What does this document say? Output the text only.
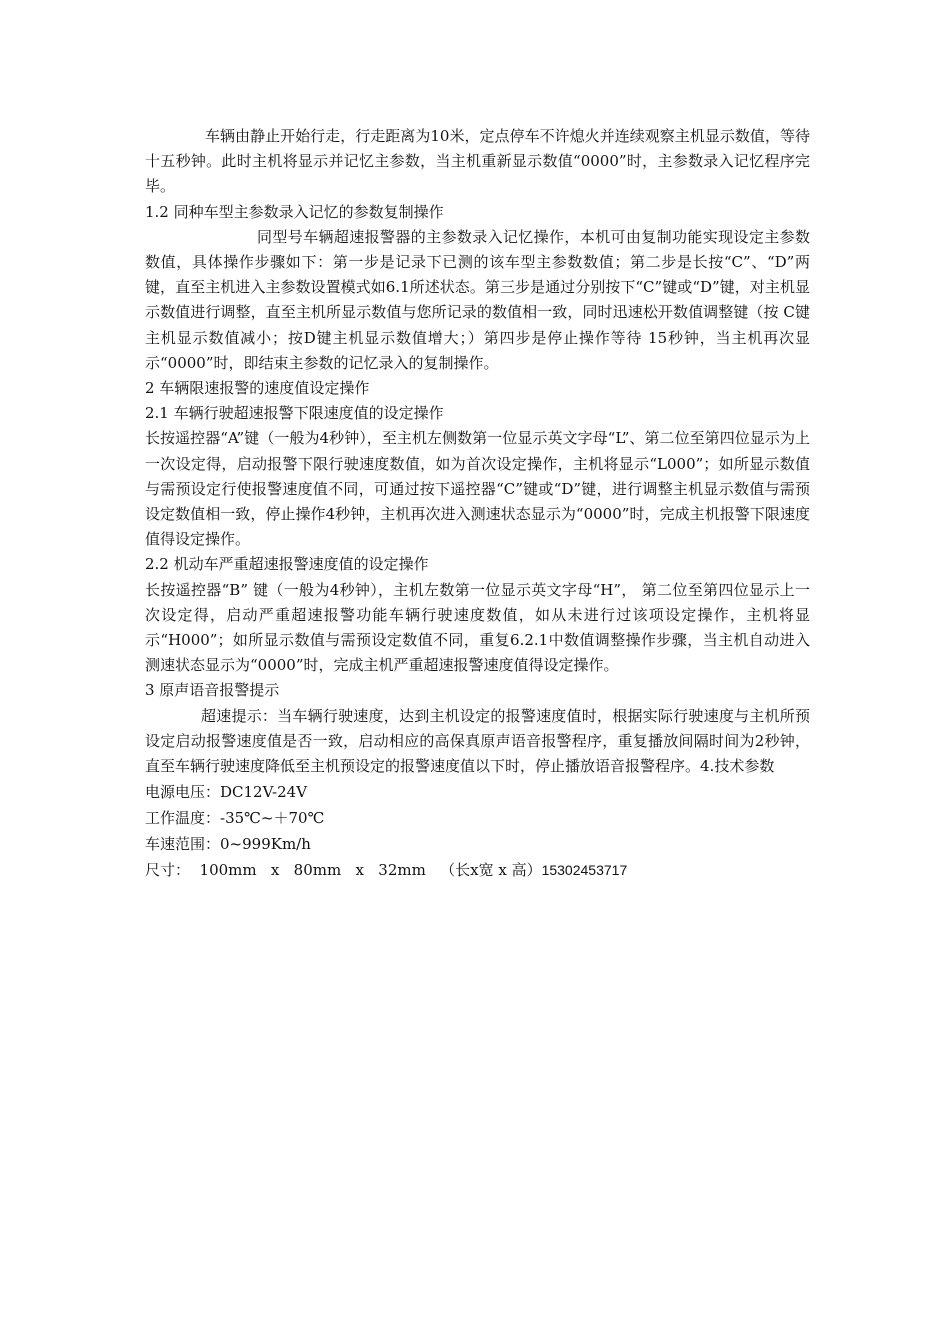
车辆由静止开始行走，行走距离为10米，定点停车不许熄火并连续观察主机显示数值，等待十五秒钟。此时主机将显示并记忆主参数，当主机重新显示数值“0000”时，主参数录入记忆程序完毕。

1.2 同种车型主参数录入记忆的参数复制操作

同型号车辆超速报警器的主参数录入记忆操作，本机可由复制功能实现设定主参数数值，具体操作步骤如下：第一步是记录下已测的该车型主参数数值；第二步是长按“C”、“D”两键，直至主机进入主参数设置模式如6.1所述状态。第三步是通过分别按下“C”键或“D”键，对主机显示数值进行调整，直至主机所显示数值与您所记录的数值相一致，同时迅速松开数值调整键（按 C键主机显示数值减小；按D键主机显示数值增大；）第四步是停止操作等待 15秒钟，当主机再次显示“0000”时，即结束主参数的记忆录入的复制操作。

2 车辆限速报警的速度值设定操作

2.1 车辆行驶超速报警下限速度值的设定操作

长按遥控器“A”键（一般为4秒钟），至主机左侧数第一位显示英文字母“L”、第二位至第四位显示为上一次设定得，启动报警下限行驶速度数值，如为首次设定操作，主机将显示“L000”；如所显示数值与需预设定行使报警速度值不同，可通过按下遥控器“C”键或“D”键，进行调整主机显示数值与需预设定数值相一致，停止操作4秒钟，主机再次进入测速状态显示为“0000”时，完成主机报警下限速度值得设定操作。

2.2 机动车严重超速报警速度值的设定操作

长按遥控器“B” 键（一般为4秒钟），主机左数第一位显示英文字母“H”， 第二位至第四位显示上一次设定得，启动严重超速报警功能车辆行驶速度数值，如从未进行过该项设定操作，主机将显示“H000”；如所显示数值与需预设定数值不同，重复6.2.1中数值调整操作步骤，当主机自动进入测速状态显示为“0000”时，完成主机严重超速报警速度值得设定操作。

3 原声语音报警提示

超速提示：当车辆行驶速度，达到主机设定的报警速度值时，根据实际行驶速度与主机所预设定启动报警速度值是否一致，启动相应的高保真原声语音报警程序，重复播放间隔时间为2秒钟，直至车辆行驶速度降低至主机预设定的报警速度值以下时，停止播放语音报警程序。4.技术参数

电源电压：DC12V-24V

工作温度：-35℃~＋70℃

车速范围：0~999Km/h

尺寸：  100mm   x   80mm   x   32mm   （长x宽 x 高）15302453717
